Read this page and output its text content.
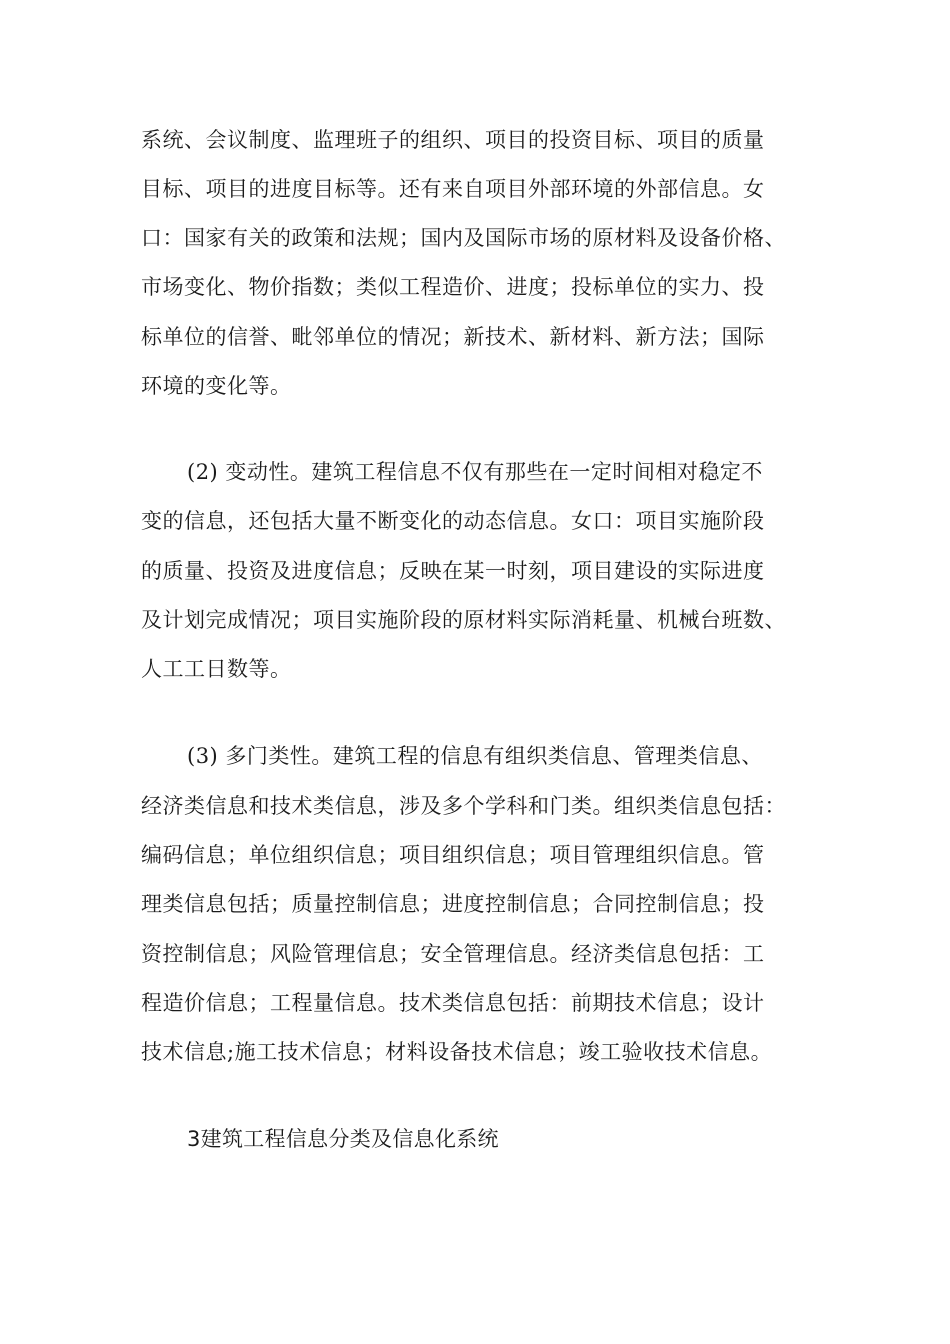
系统、会议制度、监理班子的组织、项目的投资目标、项目的质量
目标、项目的进度目标等。还有来自项目外部环境的外部信息。女
口：国家有关的政策和法规；国内及国际市场的原材料及设备价格、
市场变化、物价指数；类似工程造价、进度；投标单位的实力、投
标单位的信誉、毗邻单位的情况；新技术、新材料、新方法；国际
环境的变化等。
(2) 变动性。建筑工程信息不仅有那些在一定时间相对稳定不
变的信息，还包括大量不断变化的动态信息。女口：项目实施阶段
的质量、投资及进度信息；反映在某一时刻，项目建设的实际进度
及计划完成情况；项目实施阶段的原材料实际消耗量、机械台班数、
人工工日数等。
(3) 多门类性。建筑工程的信息有组织类信息、管理类信息、
经济类信息和技术类信息，涉及多个学科和门类。组织类信息包括：
编码信息；单位组织信息；项目组织信息；项目管理组织信息。管
理类信息包括；质量控制信息；进度控制信息；合同控制信息；投
资控制信息；风险管理信息；安全管理信息。经济类信息包括：工
程造价信息；工程量信息。技术类信息包括：前期技术信息；设计
技术信息;施工技术信息；材料设备技术信息；竣工验收技术信息。
3建筑工程信息分类及信息化系统
